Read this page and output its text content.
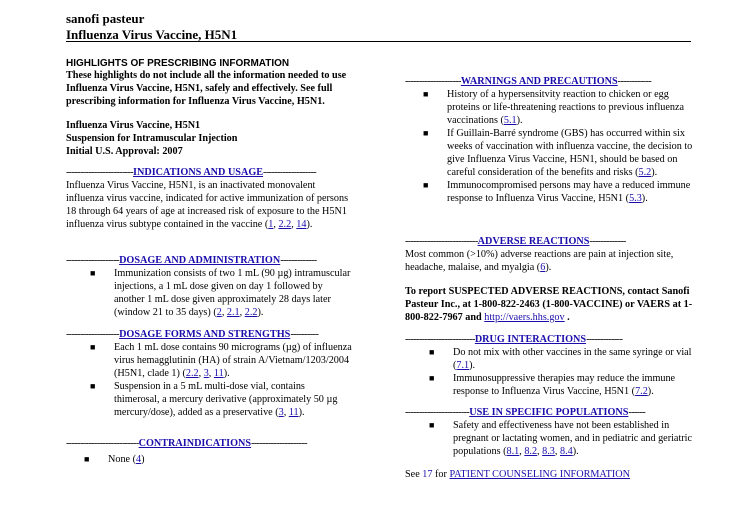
sanofi pasteur
Influenza Virus Vaccine, H5N1
HIGHLIGHTS OF PRESCRIBING INFORMATION
These highlights do not include all the information needed to use Influenza Virus Vaccine, H5N1, safely and effectively. See full prescribing information for Influenza Virus Vaccine, H5N1.
Influenza Virus Vaccine, H5N1
Suspension for Intramuscular Injection
Initial U.S. Approval: 2007
------------------------INDICATIONS AND USAGE-------------------
Influenza Virus Vaccine, H5N1, is an inactivated monovalent influenza virus vaccine, indicated for active immunization of persons 18 through 64 years of age at increased risk of exposure to the H5N1 influenza virus subtype contained in the vaccine (1, 2.2, 14).
-------------------DOSAGE AND ADMINISTRATION-------------
■ Immunization consists of two 1 mL (90 µg) intramuscular injections, a 1 mL dose given on day 1 followed by another 1 mL dose given approximately 28 days later (window 21 to 35 days) (2, 2.1, 2.2).
-------------------DOSAGE FORMS AND STRENGTHS----------
■ Each 1 mL dose contains 90 micrograms (µg) of influenza virus hemagglutinin (HA) of strain A/Vietnam/1203/2004 (H5N1, clade 1) (2.2, 3, 11).
■ Suspension in a 5 mL multi-dose vial, contains thimerosal, a mercury derivative (approximately 50 µg mercury/dose), added as a preservative (3, 11).
--------------------------CONTRAINDICATIONS--------------------
■ None (4)
--------------------WARNINGS AND PRECAUTIONS------------
■ History of a hypersensitvity reaction to chicken or egg proteins or life-threatening reactions to previous influenza vaccinations (5.1).
■ If Guillain-Barré syndrome (GBS) has occurred within six weeks of vaccination with influenza vaccine, the decision to give Influenza Virus Vaccine, H5N1, should be based on careful consideration of the benefits and risks (5.2).
■ Immunocompromised persons may have a reduced immune response to Influenza Virus Vaccine, H5N1 (5.3).
--------------------------ADVERSE REACTIONS-------------
Most common (>10%) adverse reactions are pain at injection site, headache, malaise, and myalgia (6).
To report SUSPECTED ADVERSE REACTIONS, contact Sanofi Pasteur Inc., at 1-800-822-2463 (1-800-VACCINE) or VAERS at 1-800-822-7967 and http://vaers.hhs.gov .
-------------------------DRUG INTERACTIONS-------------
■ Do not mix with other vaccines in the same syringe or vial (7.1).
■ Immunosuppressive therapies may reduce the immune response to Influenza Virus Vaccine, H5N1 (7.2).
-----------------------USE IN SPECIFIC POPULATIONS------
■ Safety and effectiveness have not been established in pregnant or lactating women, and in pediatric and geriatric populations (8.1, 8.2, 8.3, 8.4).
See 17 for PATIENT COUNSELING INFORMATION
